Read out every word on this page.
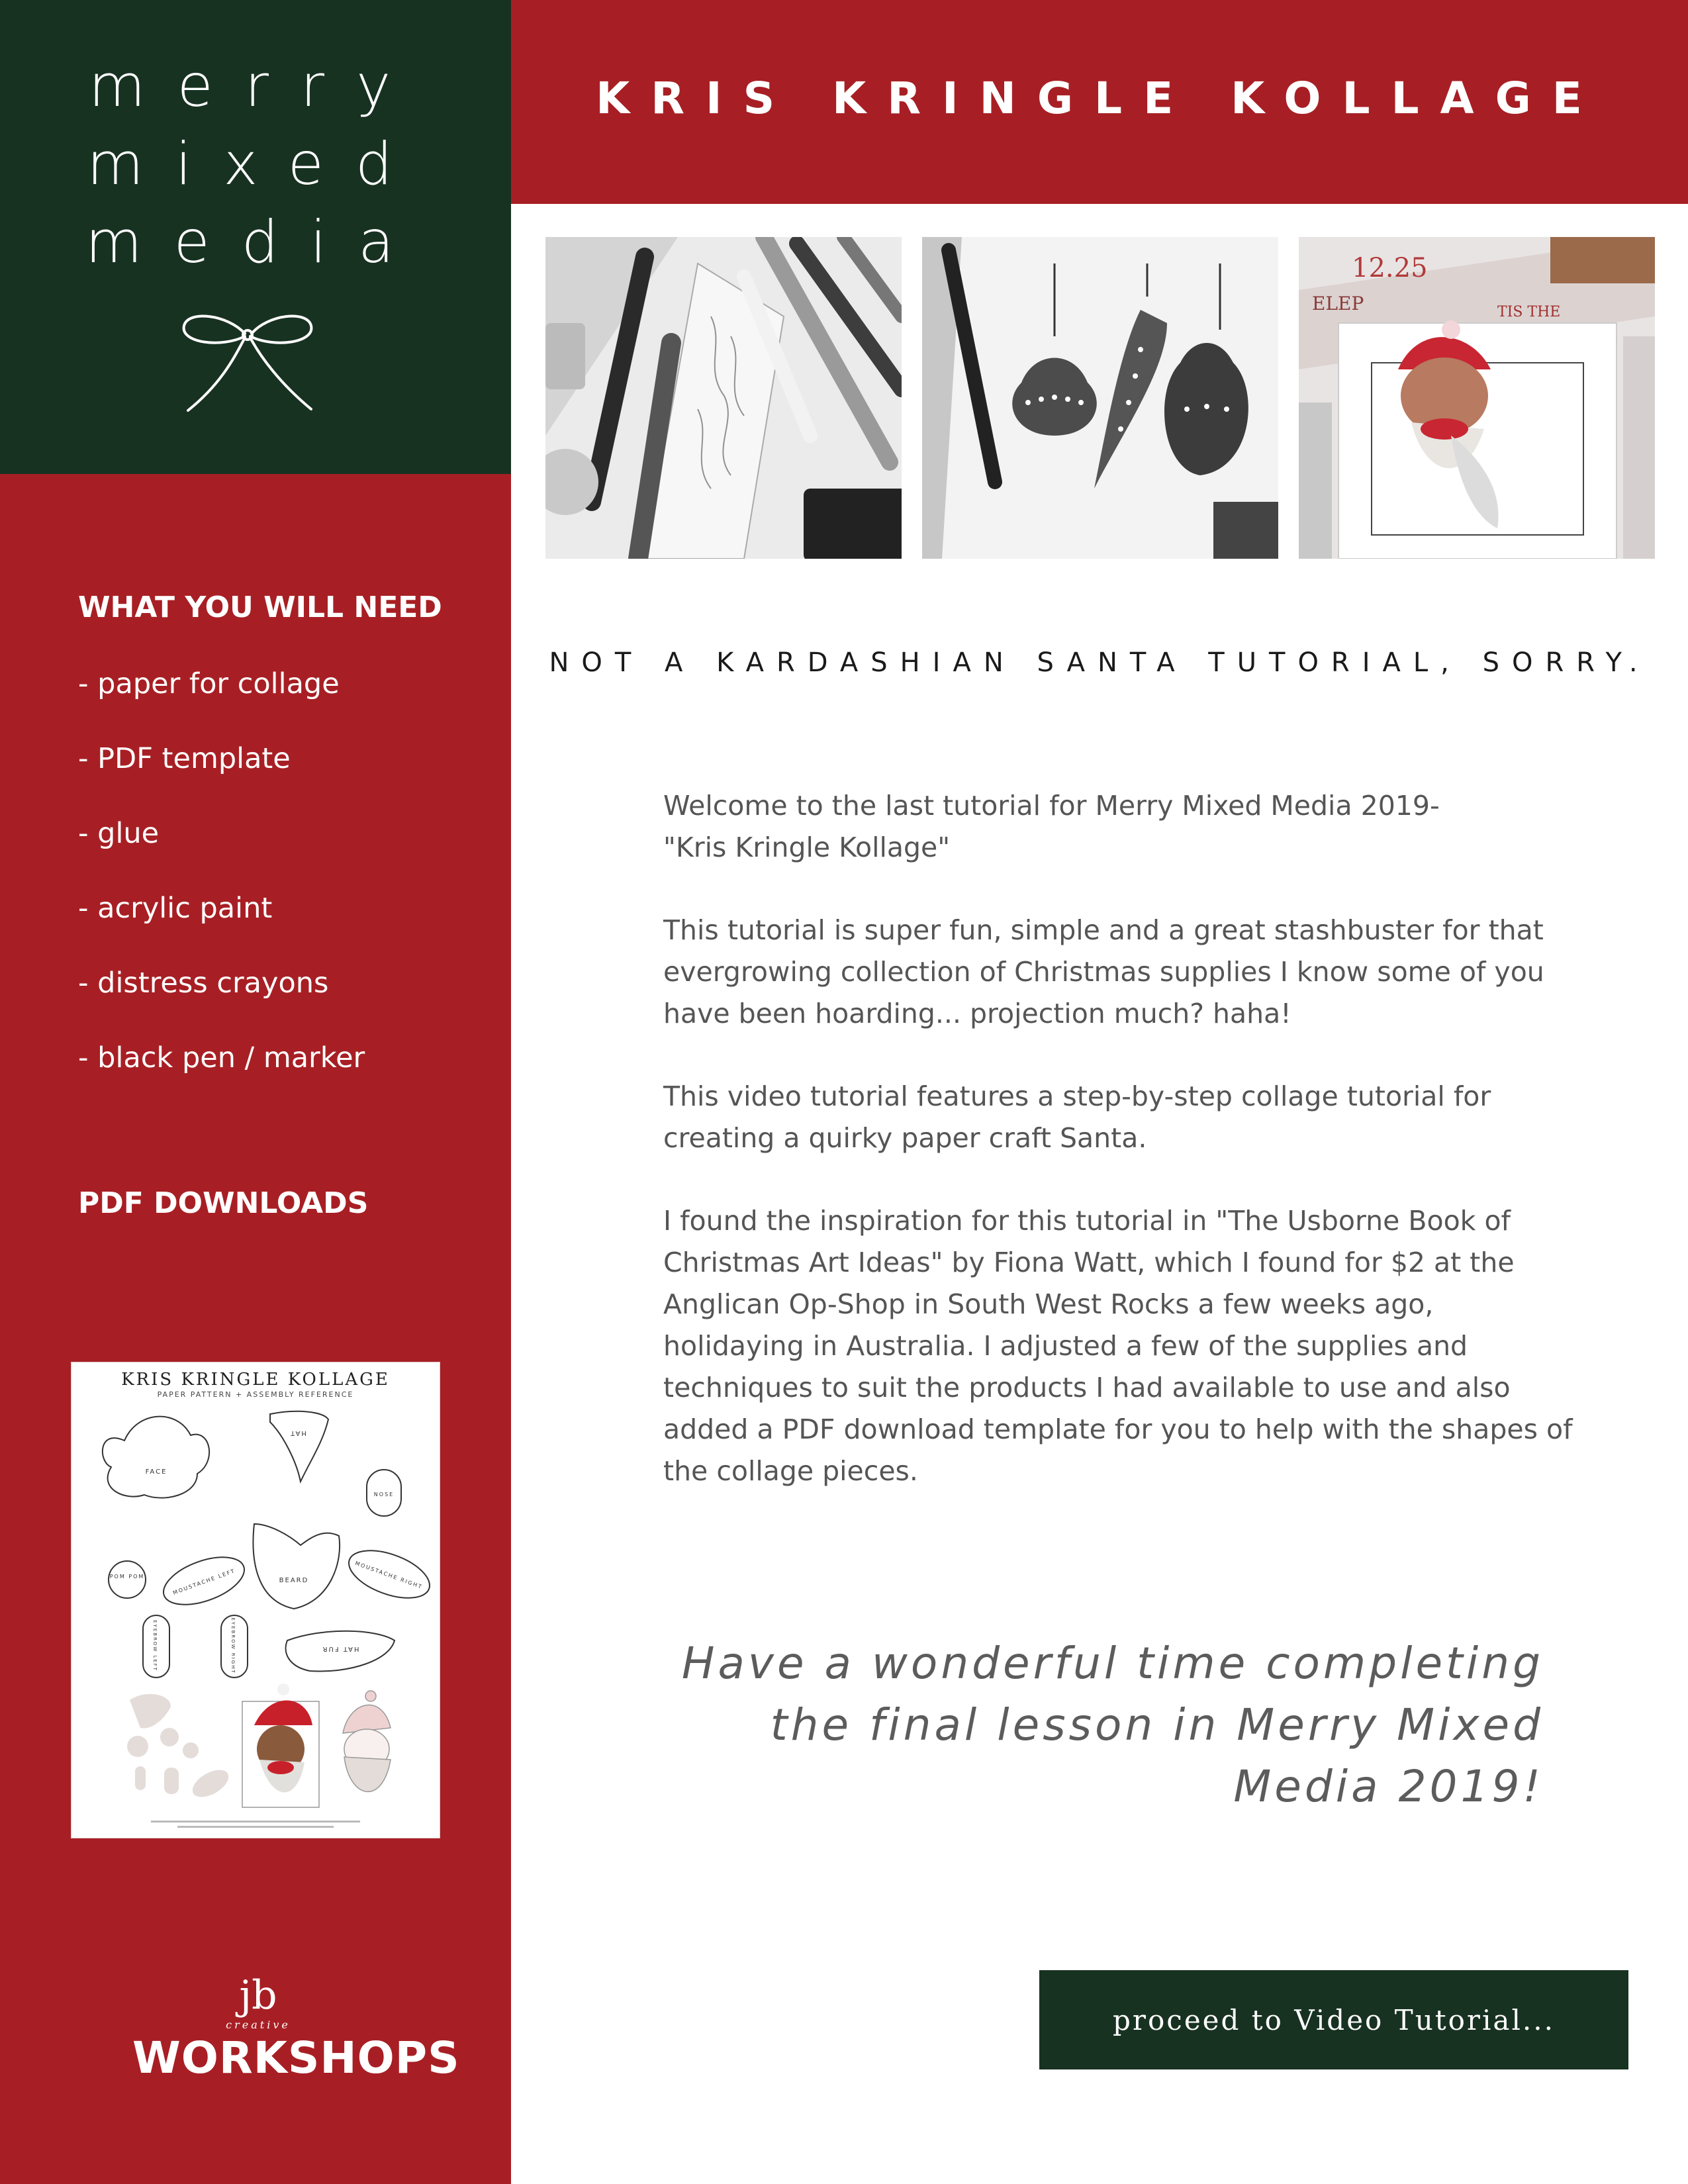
merry
mixed
media
WHAT YOU WILL NEED
- paper for collage
- PDF template
- glue
- acrylic paint
- distress crayons
- black pen / marker
PDF DOWNLOADS
KRIS KRINGLE KOLLAGE
PAPER PATTERN + ASSEMBLY REFERENCE
FACE
HAT
NOSE
POM POM	MOUSTACHE LEFT	BEARD	MOUSTACHE RIGHT
EYEBROW LEFT	EYEBROW RIGHT	HAT FUR
jb
creative
WORKSHOPS
KRIS KRINGLE KOLLAGE
12.25
ELEP	TIS THE
NOT A KARDASHIAN SANTA TUTORIAL, SORRY.

Welcome to the last tutorial for Merry Mixed Media 2019-
"Kris Kringle Kollage"

This tutorial is super fun, simple and a great stashbuster for that evergrowing collection of Christmas supplies I know some of you have been hoarding... projection much? haha!

This video tutorial features a step-by-step collage tutorial for creating a quirky paper craft Santa.

I found the inspiration for this tutorial in "The Usborne Book of Christmas Art Ideas" by Fiona Watt, which I found for $2 at the Anglican Op-Shop in South West Rocks a few weeks ago, holidaying in Australia. I adjusted a few of the supplies and techniques to suit the products I had available to use and also added a PDF download template for you to help with the shapes of the collage pieces.

Have a wonderful time completing
the final lesson in Merry Mixed
Media 2019!
proceed to Video Tutorial...
